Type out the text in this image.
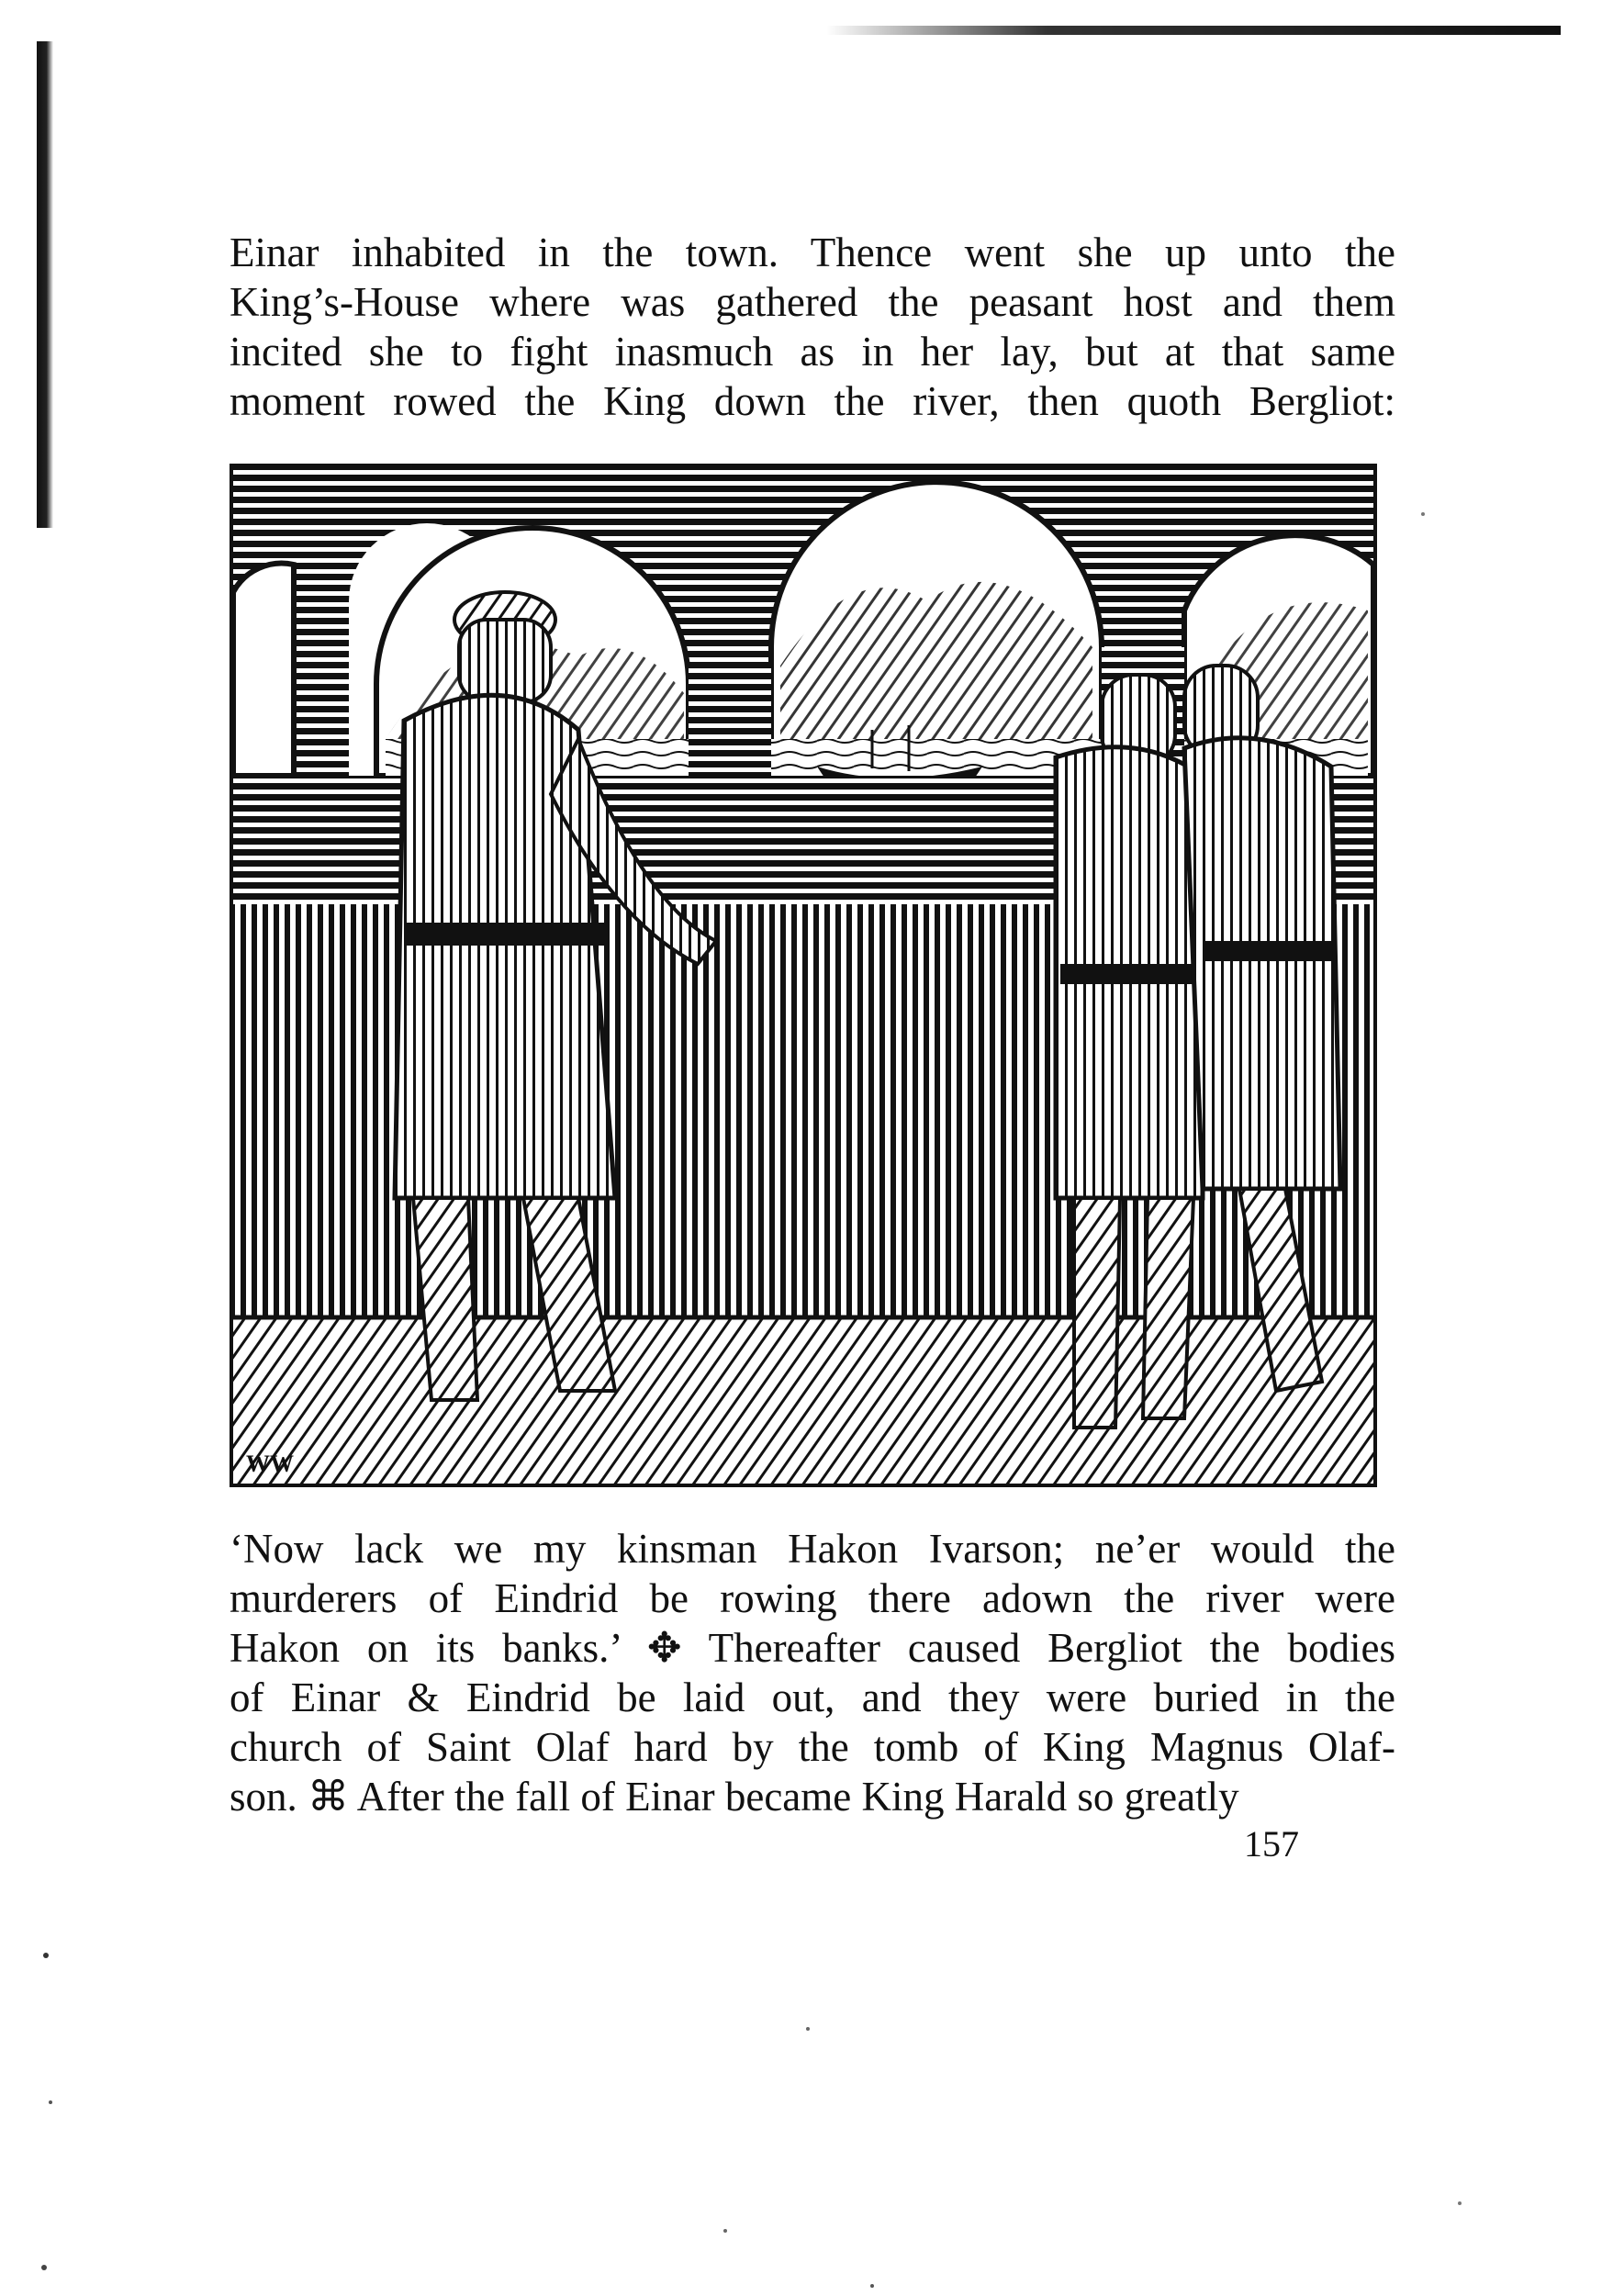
Einar inhabited in the town. Thence went she up unto the
King’s-House where was gathered the peasant host and them
incited she to fight inasmuch as in her lay, but at that same
moment rowed the King down the river, then quoth Bergliot:
WW
‘Now lack we my kinsman Hakon Ivarson; ne’er would the
murderers of Eindrid be rowing there adown the river were
Hakon on its banks.’ ✥ Thereafter caused Bergliot the bodies
of Einar & Eindrid be laid out, and they were buried in the
church of Saint Olaf hard by the tomb of King Magnus Olaf-
son. ⌘ After the fall of Einar became King Harald so greatly
157
